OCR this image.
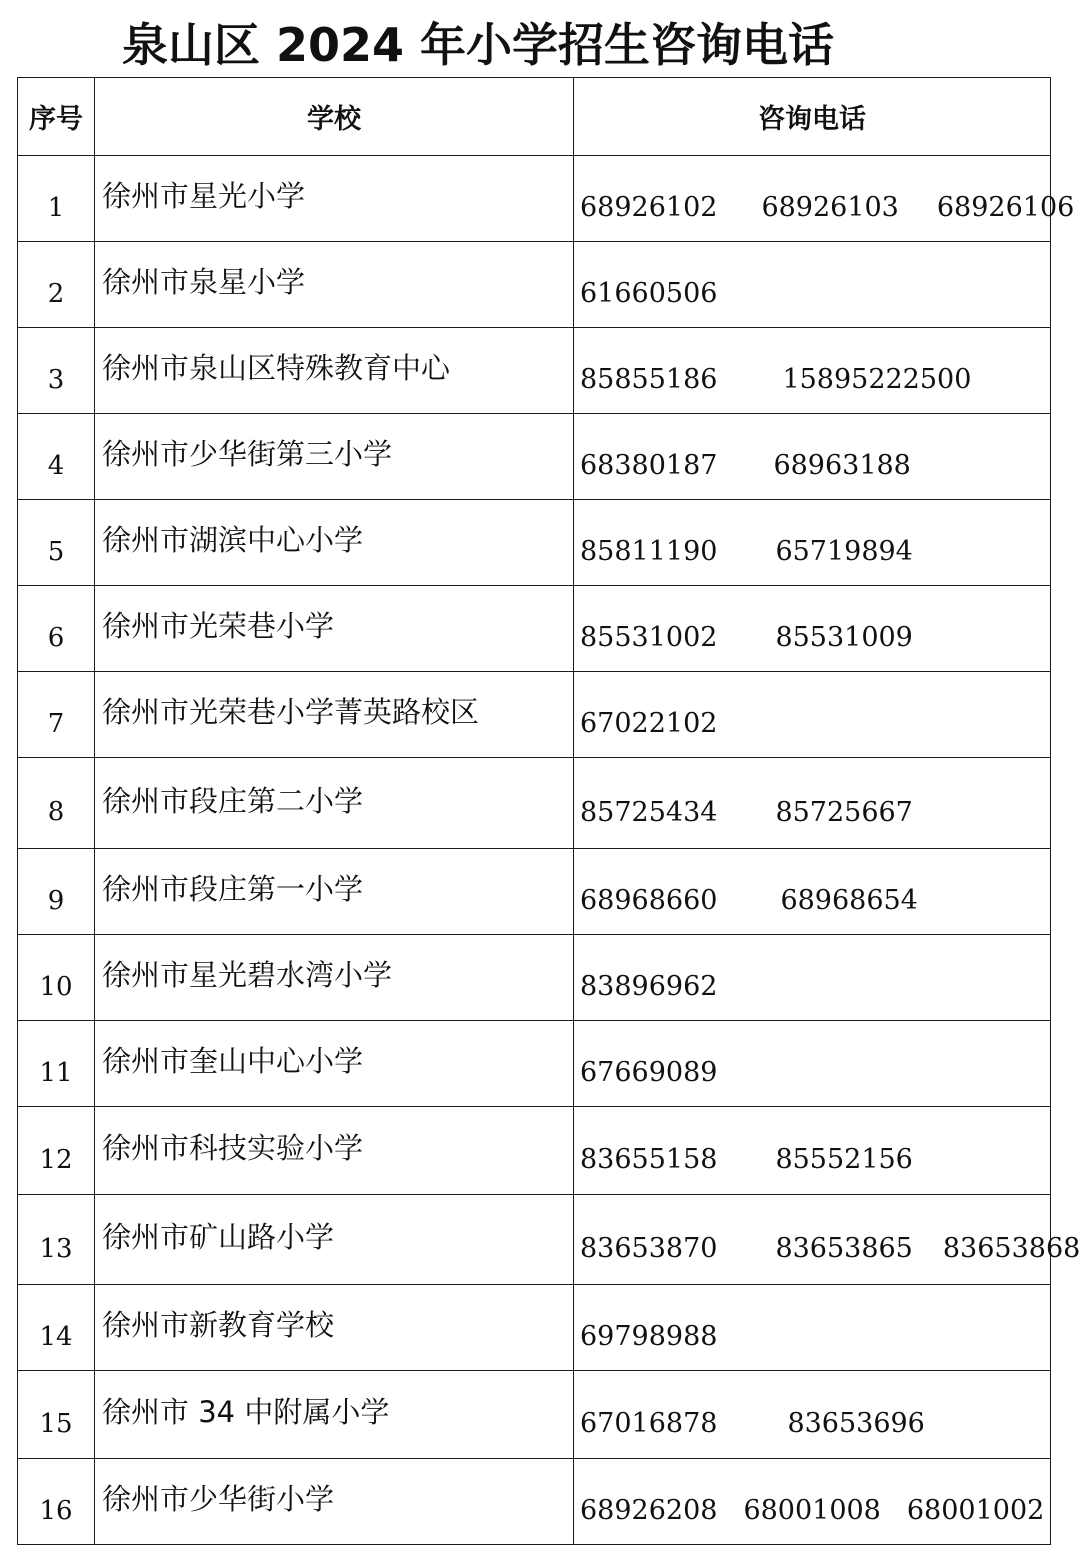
泉山区 2024 年小学招生咨询电话
序号	学校	咨询电话
1	徐州市星光小学	68926102 68926103 68926106
2	徐州市泉星小学	61660506
3	徐州市泉山区特殊教育中心	85855186 15895222500
4	徐州市少华街第三小学	68380187 68963188
5	徐州市湖滨中心小学	85811190 65719894
6	徐州市光荣巷小学	85531002 85531009
7	徐州市光荣巷小学菁英路校区	67022102
8	徐州市段庄第二小学	85725434 85725667
9	徐州市段庄第一小学	68968660 68968654
10	徐州市星光碧水湾小学	83896962
11	徐州市奎山中心小学	67669089
12	徐州市科技实验小学	83655158 85552156
13	徐州市矿山路小学	83653870 83653865 83653868
14	徐州市新教育学校	69798988
15	徐州市 34 中附属小学	67016878 83653696
16	徐州市少华街小学	68926208 68001008 68001002
